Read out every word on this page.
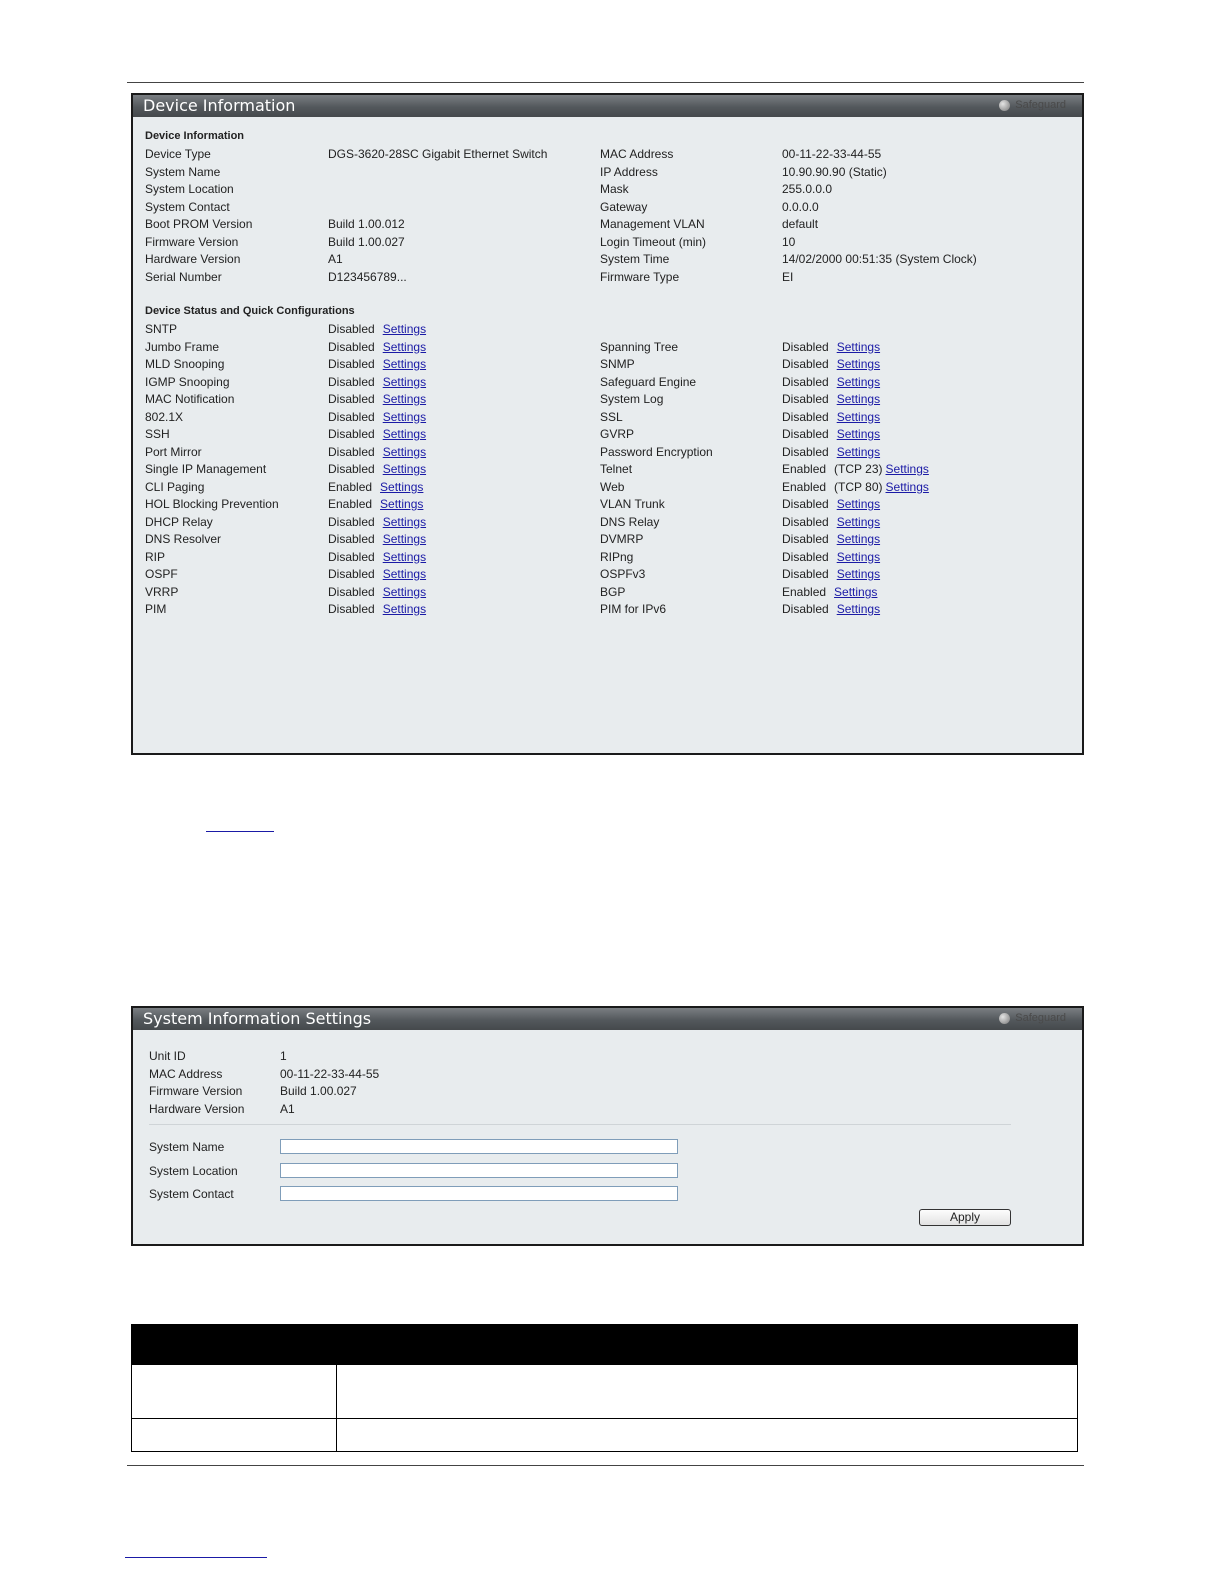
Device Information	Safeguard
Device Information
Device Type	DGS-3620-28SC Gigabit Ethernet Switch
System Name
System Location
System Contact
Boot PROM Version	Build 1.00.012
Firmware Version	Build 1.00.027
Hardware Version	A1
Serial Number	D123456789...
MAC Address	00-11-22-33-44-55
IP Address	10.90.90.90 (Static)
Mask	255.0.0.0
Gateway	0.0.0.0
Management VLAN	default
Login Timeout (min)	10
System Time	14/02/2000 00:51:35 (System Clock)
Firmware Type	EI
Device Status and Quick Configurations
SNTP	Disabled Settings
Jumbo Frame	Disabled Settings
MLD Snooping	Disabled Settings
IGMP Snooping	Disabled Settings
MAC Notification	Disabled Settings
802.1X	Disabled Settings
SSH	Disabled Settings
Port Mirror	Disabled Settings
Single IP Management	Disabled Settings
CLI Paging	Enabled Settings
HOL Blocking Prevention	Enabled Settings
DHCP Relay	Disabled Settings
DNS Resolver	Disabled Settings
RIP	Disabled Settings
OSPF	Disabled Settings
VRRP	Disabled Settings
PIM	Disabled Settings
Spanning Tree	Disabled Settings
SNMP	Disabled Settings
Safeguard Engine	Disabled Settings
System Log	Disabled Settings
SSL	Disabled Settings
GVRP	Disabled Settings
Password Encryption	Disabled Settings
Telnet	Enabled (TCP 23) Settings
Web	Enabled (TCP 80) Settings
VLAN Trunk	Disabled Settings
DNS Relay	Disabled Settings
DVMRP	Disabled Settings
RIPng	Disabled Settings
OSPFv3	Disabled Settings
BGP	Enabled Settings
PIM for IPv6	Disabled Settings
System Information Settings	Safeguard
Unit ID	1
MAC Address	00-11-22-33-44-55
Firmware Version	Build 1.00.027
Hardware Version	A1
System Name
System Location
System Contact
Apply
